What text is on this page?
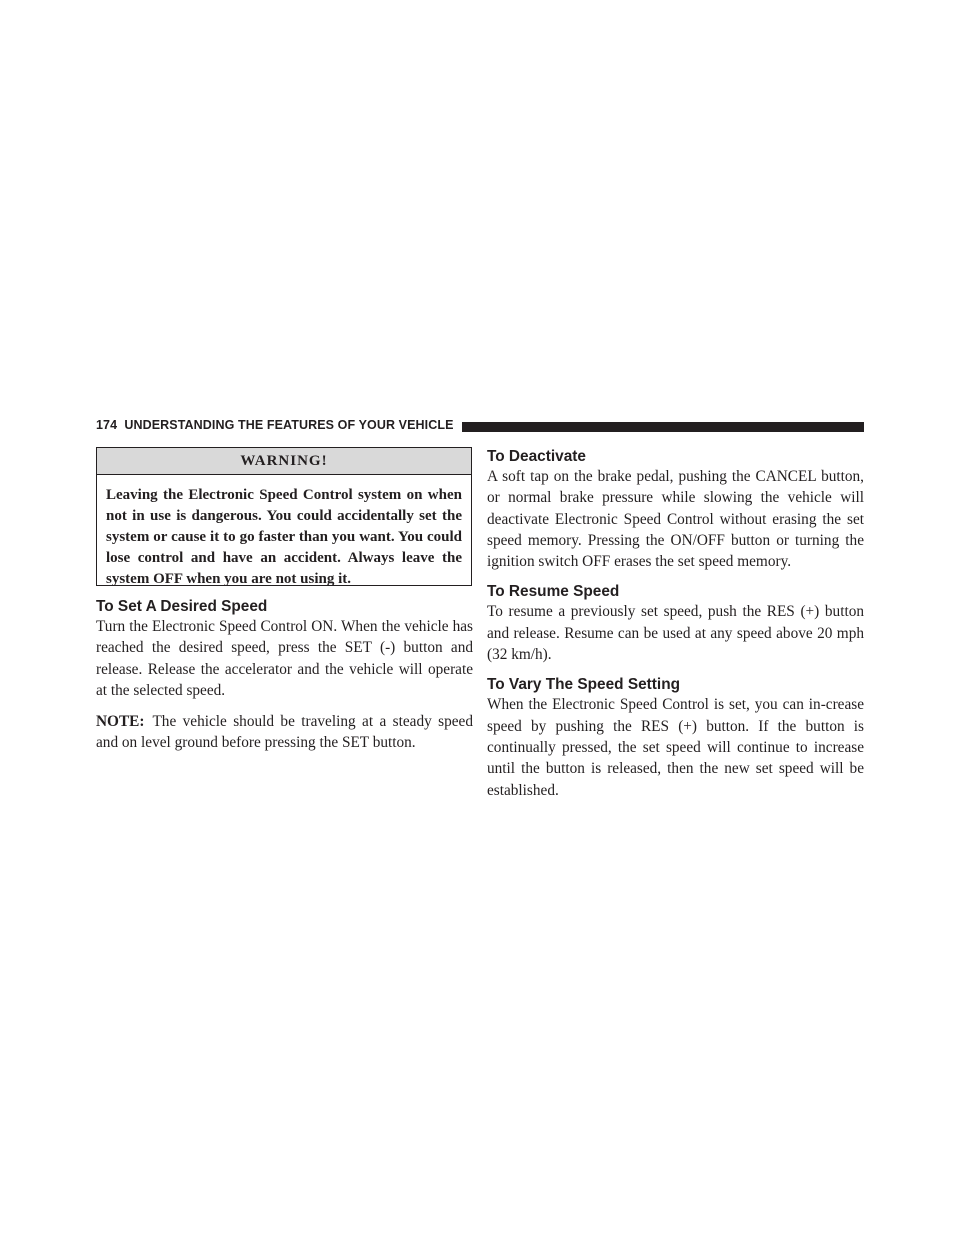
174 UNDERSTANDING THE FEATURES OF YOUR VEHICLE
WARNING!
Leaving the Electronic Speed Control system on when not in use is dangerous. You could accidentally set the system or cause it to go faster than you want. You could lose control and have an accident. Always leave the system OFF when you are not using it.
To Set A Desired Speed

Turn the Electronic Speed Control ON. When the vehicle has reached the desired speed, press the SET (-) button and release. Release the accelerator and the vehicle will operate at the selected speed.

NOTE: The vehicle should be traveling at a steady speed and on level ground before pressing the SET button.

To Deactivate

A soft tap on the brake pedal, pushing the CANCEL button, or normal brake pressure while slowing the vehicle will deactivate Electronic Speed Control without erasing the set speed memory. Pressing the ON/OFF button or turning the ignition switch OFF erases the set speed memory.

To Resume Speed

To resume a previously set speed, push the RES (+) button and release. Resume can be used at any speed above 20 mph (32 km/h).

To Vary The Speed Setting

When the Electronic Speed Control is set, you can in-crease speed by pushing the RES (+) button. If the button is continually pressed, the set speed will continue to increase until the button is released, then the new set speed will be established.
